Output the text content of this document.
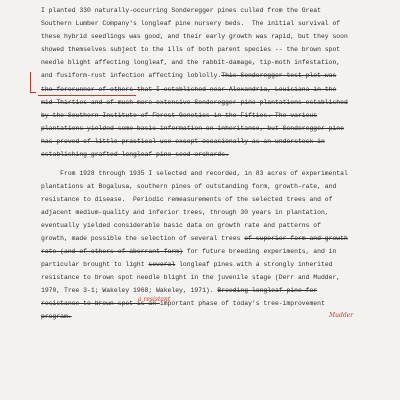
I planted 330 naturally-occurring Sonderegger pines culled from the Great
Southern Lumber Company's longleaf pine nursery beds.  The initial survival of
these hybrid seedlings was good, and their early growth was rapid, but they soon
showed themselves subject to the ills of both parent species -- the brown spot
needle blight affecting longleaf, and the rabbit-damage, tip-moth infestation,
and fusiform-rust infection affecting loblolly.This Sonderegger test plot was
the forerunner of others that I established near Alexandria, Louisiana in the
mid-Thirties and of much more extensive Sonderegger pine plantations established
by the Southern Institute of Forest Genetics in the Fifties. The various
plantations yielded some basic information on inheritance, but Sonderegger pine
has proved of little practical use except occasionally as an understock in
establishing grafted longleaf pine seed orchards.
From 1928 through 1935 I selected and recorded, in 83 acres of experimental
plantations at Bogalusa, southern pines of outstanding form, growth-rate, and
resistance to disease.  Periodic remeasurements of the selected trees and of
adjacent medium-quality and inferior trees, through 30 years in plantation,
eventually yielded considerable basic data on growth rate and patterns of
growth, made possible the selection of several trees of superior form and growth
rate (and of others of aberrant form) for future breeding experiments, and in
particular brought to light several longleaf pines with a strongly inherited
resistance to brown spot needle blight in the juvenile stage (Derr and Mudder,
1970, Tree 3-1; Wakeley 1968; Wakeley, 1971). Breeding longleaf pine for
resistance to brown spot is an important phase of today's tree-improvement
program.
a resistant
Mudder
